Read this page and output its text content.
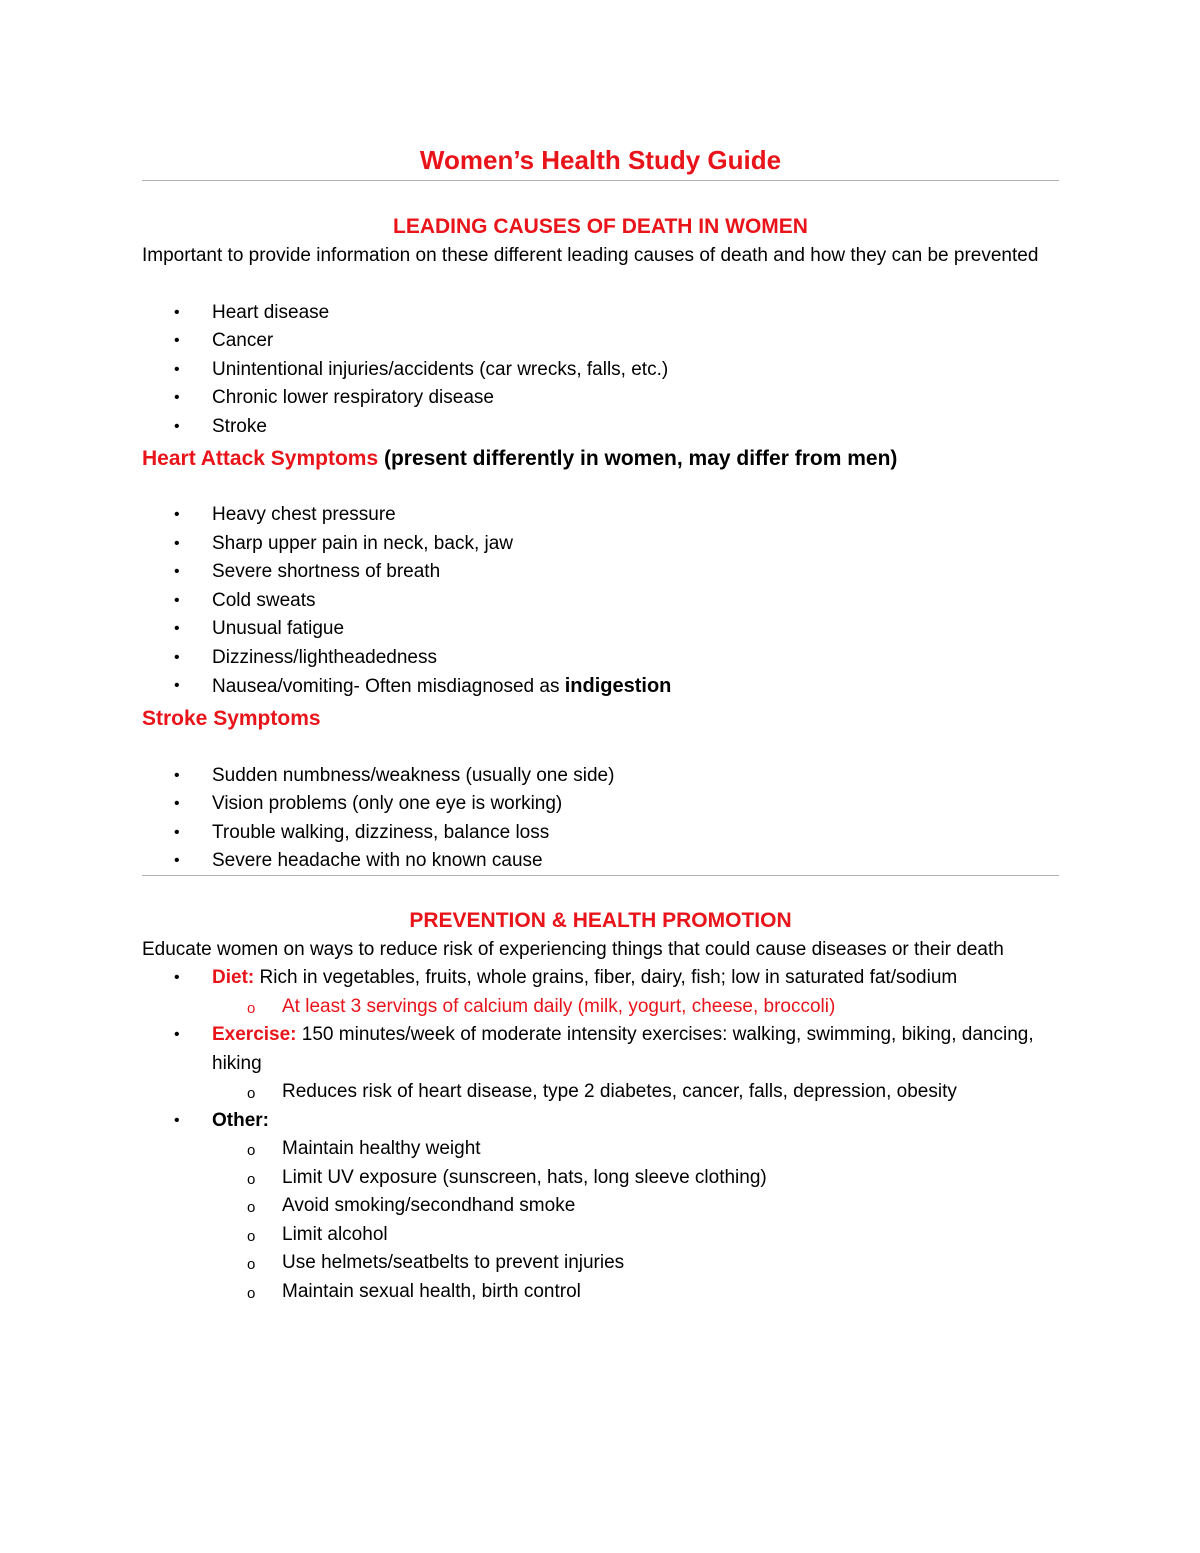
Women’s Health Study Guide
LEADING CAUSES OF DEATH IN WOMEN

Important to provide information on these different leading causes of death and how they can be prevented

• Heart disease
• Cancer
• Unintentional injuries/accidents (car wrecks, falls, etc.)
• Chronic lower respiratory disease
• Stroke

Heart Attack Symptoms (present differently in women, may differ from men)

• Heavy chest pressure
• Sharp upper pain in neck, back, jaw
• Severe shortness of breath
• Cold sweats
• Unusual fatigue
• Dizziness/lightheadedness
• Nausea/vomiting- Often misdiagnosed as indigestion

Stroke Symptoms

• Sudden numbness/weakness (usually one side)
• Vision problems (only one eye is working)
• Trouble walking, dizziness, balance loss
• Severe headache with no known cause
PREVENTION & HEALTH PROMOTION

Educate women on ways to reduce risk of experiencing things that could cause diseases or their death

• Diet: Rich in vegetables, fruits, whole grains, fiber, dairy, fish; low in saturated fat/sodium
o At least 3 servings of calcium daily (milk, yogurt, cheese, broccoli)
• Exercise: 150 minutes/week of moderate intensity exercises: walking, swimming, biking, dancing, hiking
o Reduces risk of heart disease, type 2 diabetes, cancer, falls, depression, obesity
• Other:
o Maintain healthy weight
o Limit UV exposure (sunscreen, hats, long sleeve clothing)
o Avoid smoking/secondhand smoke
o Limit alcohol
o Use helmets/seatbelts to prevent injuries
o Maintain sexual health, birth control
